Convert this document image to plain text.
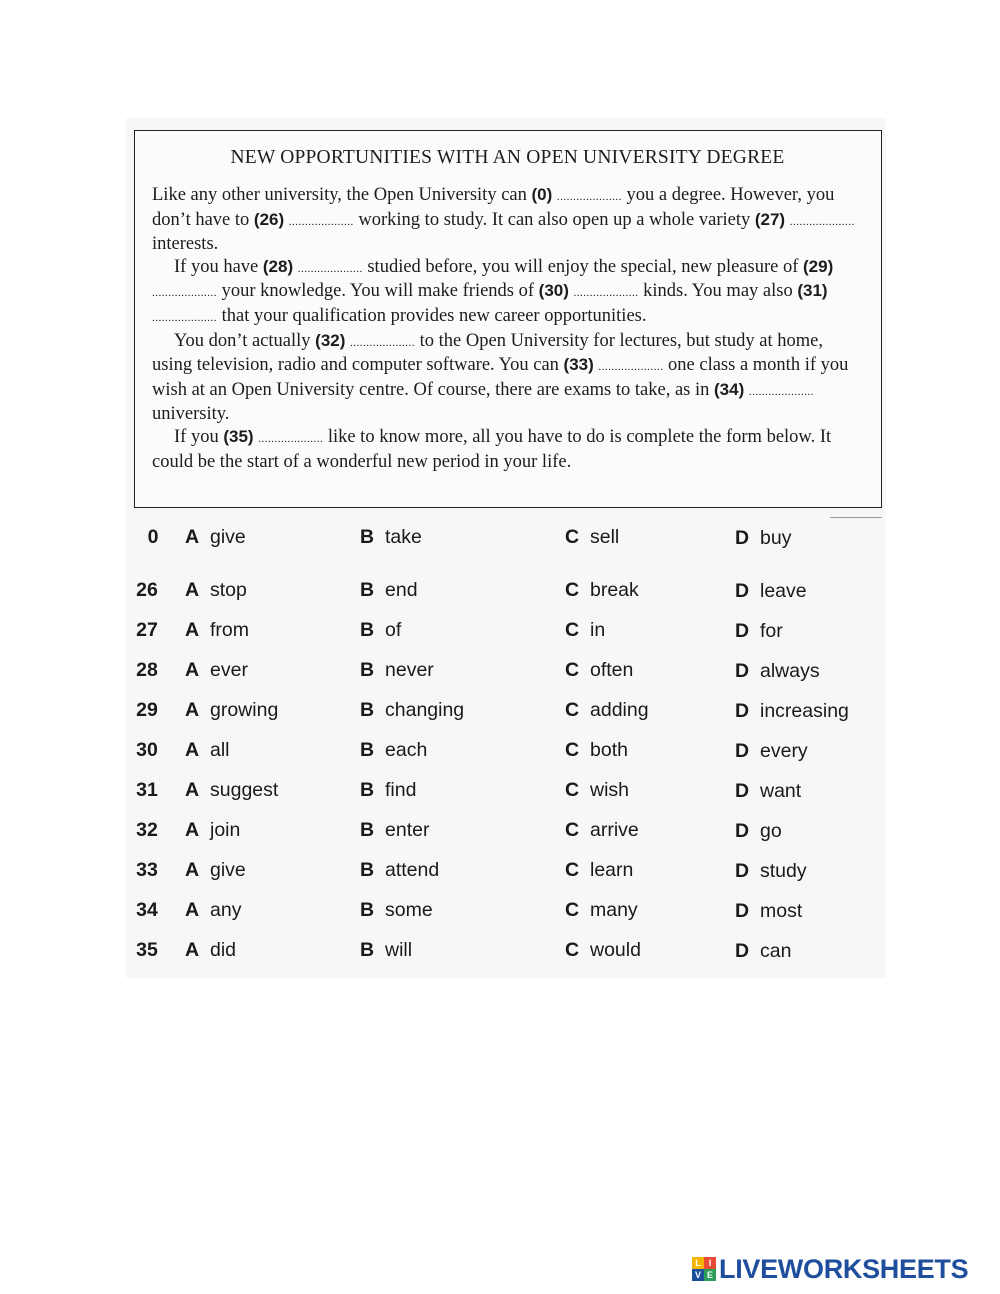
NEW OPPORTUNITIES WITH AN OPEN UNIVERSITY DEGREE

Like any other university, the Open University can (0) .................... you a degree. However, you don’t have to (26) .................... working to study. It can also open up a whole variety (27) .................... interests.

If you have (28) .................... studied before, you will enjoy the special, new pleasure of (29) .................... your knowledge. You will make friends of (30) .................... kinds. You may also (31) .................... that your qualification provides new career opportunities.

You don’t actually (32) .................... to the Open University for lectures, but study at home, using television, radio and computer software. You can (33) .................... one class a month if you wish at an Open University centre. Of course, there are exams to take, as in (34) .................... university.

If you (35) .................... like to know more, all you have to do is complete the form below. It could be the start of a wonderful new period in your life.

0	A give	B take	C sell	D buy
26 A stop	B end	C break	D leave
27 A from	B of	C in	D for
28 A ever	B never	C often	D always
29 A growing	B changing	C adding	D increasing
30 A all	B each	C both	D every
31 A suggest	B find	C wish	D want
32 A join	B enter	C arrive	D go
33 A give	B attend	C learn	D study
34 A any	B some	C many	D most
35 A did	B will	C would	D can
L I
V E LIVEWORKSHEETS
